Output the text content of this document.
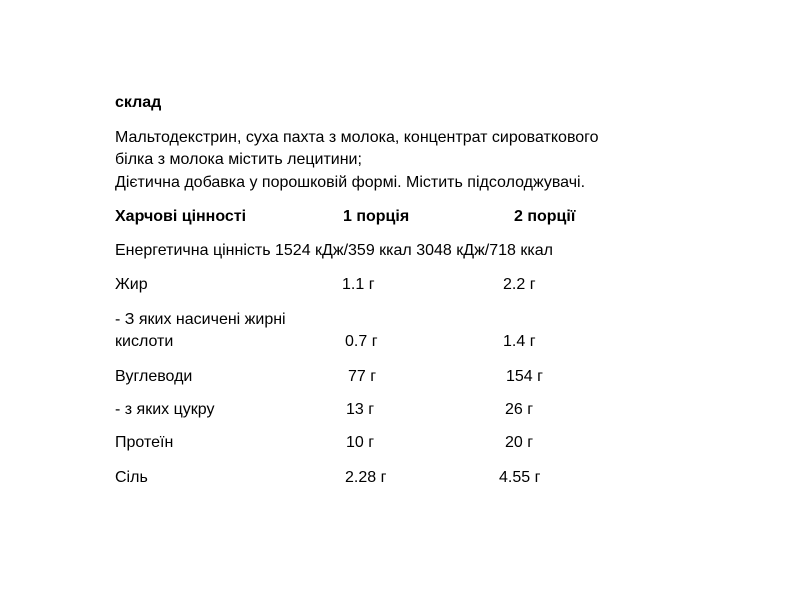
склад
Мальтодекстрин, суха пахта з молока, концентрат сироваткового
білка з молока містить лецитини;
Дієтична добавка у порошковій формі. Містить підсолоджувачі.
Харчові цінності	1 порція	2 порції
Енергетична цінність 1524 кДж/359 ккал 3048 кДж/718 ккал
Жир	1.1 г	2.2 г
- З яких насичені жирні
кислоти	0.7 г	1.4 г
Вуглеводи	77 г	154 г
- з яких цукру	13 г	26 г
Протеїн	10 г	20 г
Сіль	2.28 г	4.55 г
